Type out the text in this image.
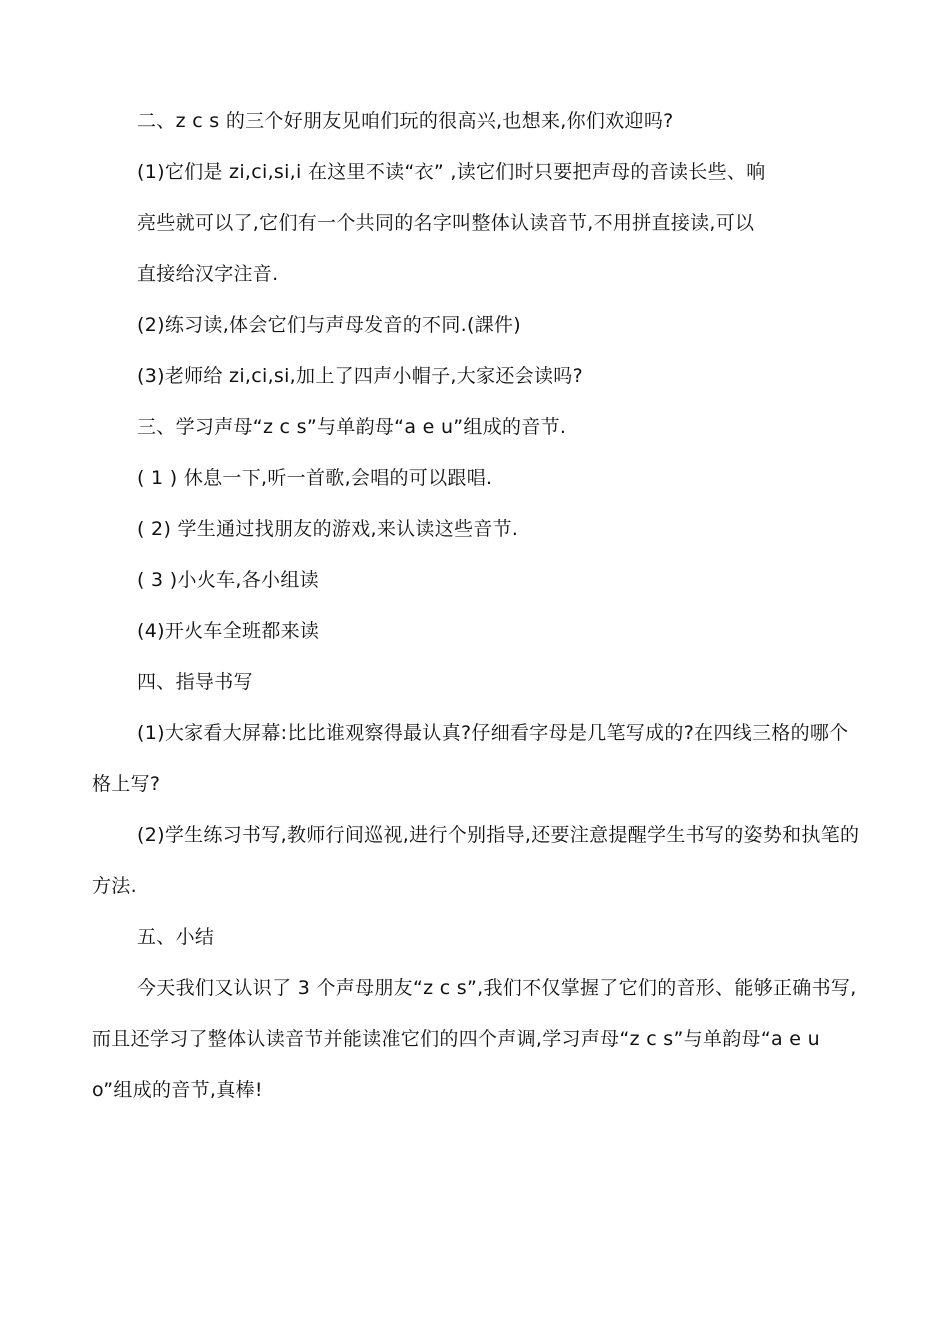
二、z c s 的三个好朋友见咱们玩的很高兴,也想来,你们欢迎吗?

(1)它们是 zi,ci,si,i 在这里不读“衣” ,读它们时只要把声母的音读长些、响

亮些就可以了,它们有一个共同的名字叫整体认读音节,不用拼直接读,可以

直接给汉字注音.

(2)练习读,体会它们与声母发音的不同.(課件)

(3)老师给 zi,ci,si,加上了四声小帽子,大家还会读吗?

三、学习声母“z c s”与单韵母“a e u”组成的音节.

( 1 ) 休息一下,听一首歌,会唱的可以跟唱.

( 2) 学生通过找朋友的游戏,来认读这些音节.

( 3 )小火车,各小组读

(4)开火车全班都来读

四、指导书写

(1)大家看大屏幕:比比谁观察得最认真?仔细看字母是几笔写成的?在四线三格的哪个格上写?

(2)学生练习书写,教师行间巡视,进行个别指导,还要注意提醒学生书写的姿势和执笔的方法.

五、小结

今天我们又认识了 3 个声母朋友“z c s”,我们不仅掌握了它们的音形、能够正确书写,而且还学习了整体认读音节并能读准它们的四个声调,学习声母“z c s”与单韵母“a e u o”组成的音节,真棒!
